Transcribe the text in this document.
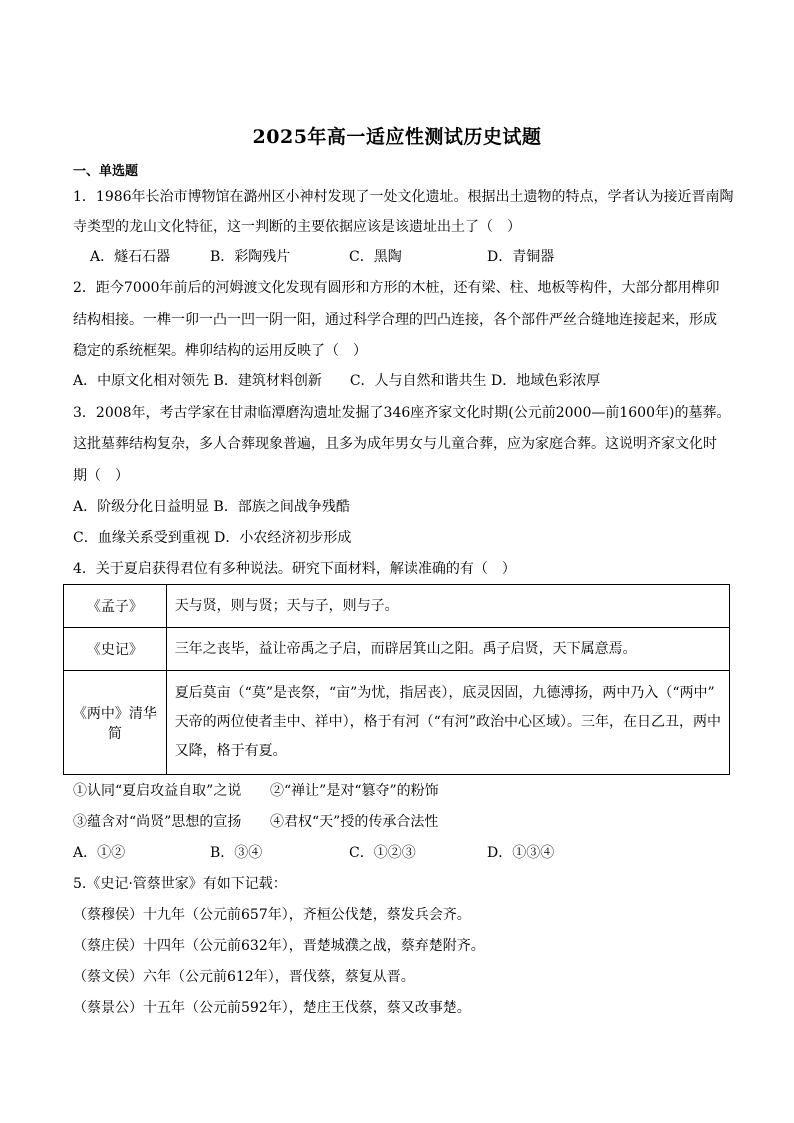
2025年高一适应性测试历史试题
一、单选题
1．1986年长治市博物馆在潞州区小神村发现了一处文化遗址。根据出土遗物的特点，学者认为接近晋南陶
寺类型的龙山文化特征，这一判断的主要依据应该是该遗址出土了（　）
A．燧石石器	B．彩陶残片	C．黑陶	D．青铜器
2．距今7000年前后的河姆渡文化发现有圆形和方形的木桩，还有梁、柱、地板等构件，大部分都用榫卯
结构相接。一榫一卯一凸一凹一阴一阳，通过科学合理的凹凸连接，各个部件严丝合缝地连接起来，形成
稳定的系统框架。榫卯结构的运用反映了（　）
A．中原文化相对领先 B．建筑材料创新　　C．人与自然和谐共生 D．地域色彩浓厚
3．2008年，考古学家在甘肃临潭磨沟遗址发掘了346座齐家文化时期(公元前2000—前1600年)的墓葬。
这批墓葬结构复杂，多人合葬现象普遍，且多为成年男女与儿童合葬，应为家庭合葬。这说明齐家文化时
期（　）
A．阶级分化日益明显 B．部族之间战争残酷
C．血缘关系受到重视 D．小农经济初步形成
4．关于夏启获得君位有多种说法。研究下面材料，解读准确的有（　）
《孟子》	天与贤，则与贤；天与子，则与子。
《史记》	三年之丧毕，益让帝禹之子启，而辟居箕山之阳。禹子启贤，天下属意焉。
《两中》清华简	夏后莫亩（“莫”是丧祭，“亩”为忧，指居丧），底灵因固，九德溥扬，两中乃入（“两中”
天帝的两位使者圭中、祥中），格于有河（“有河”政治中心区域）。三年，在日乙丑，两中
又降，格于有夏。
①认同“夏启攻益自取”之说 ②“禅让”是对“篡夺”的粉饰
③蕴含对“尚贤”思想的宣扬 ④君权“天”授的传承合法性
A．①②	B．③④	C．①②③	D．①③④
5.《史记·管蔡世家》有如下记载：
（蔡穆侯）十九年（公元前657年），齐桓公伐楚，蔡发兵会齐。
（蔡庄侯）十四年（公元前632年），晋楚城濮之战，蔡弃楚附齐。
（蔡文侯）六年（公元前612年），晋伐蔡，蔡复从晋。
（蔡景公）十五年（公元前592年），楚庄王伐蔡，蔡又改事楚。
